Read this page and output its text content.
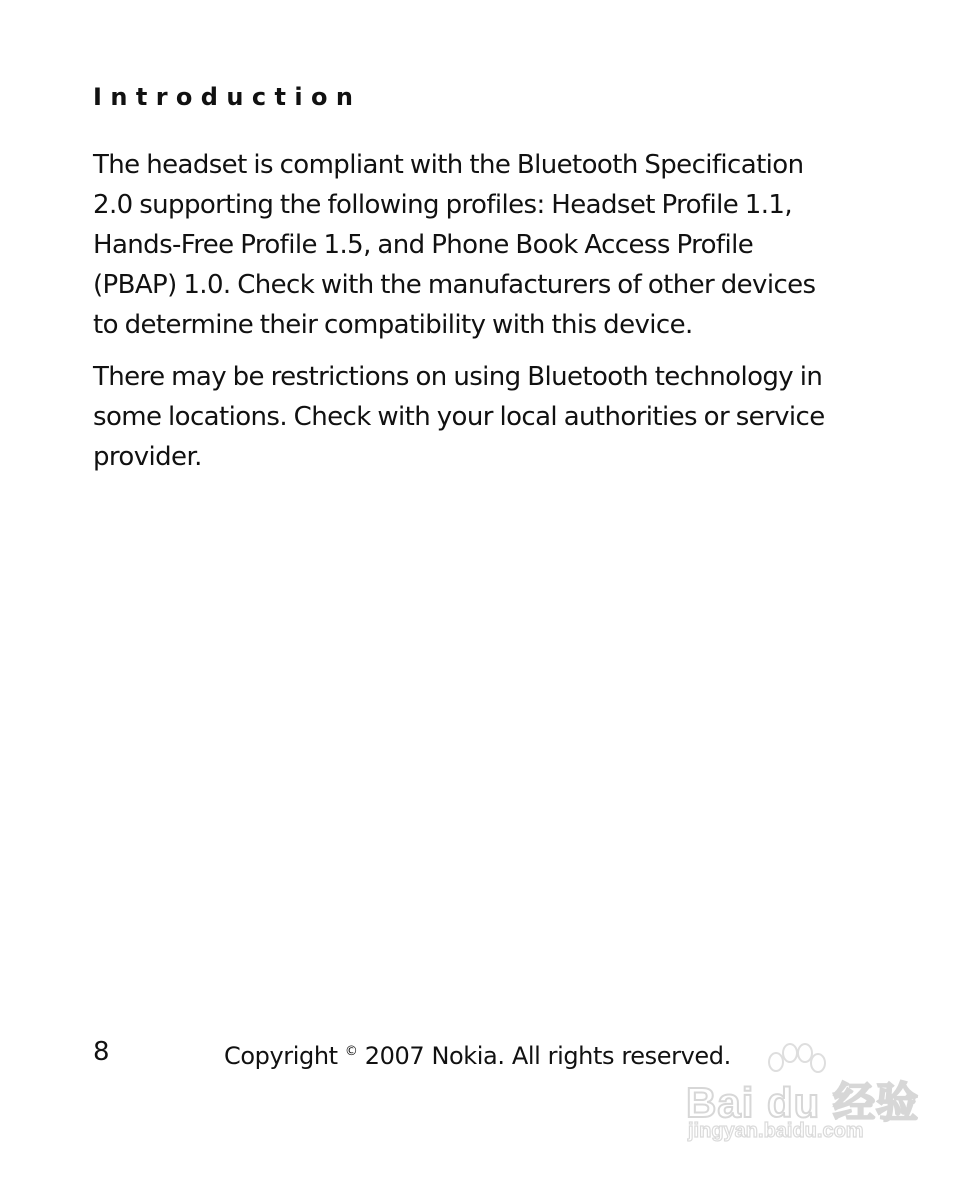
Introduction

The headset is compliant with the Bluetooth Specification
2.0 supporting the following profiles: Headset Profile 1.1,
Hands-Free Profile 1.5, and Phone Book Access Profile
(PBAP) 1.0. Check with the manufacturers of other devices
to determine their compatibility with this device.

There may be restrictions on using Bluetooth technology in
some locations. Check with your local authorities or service
provider.

8	Copyright © 2007 Nokia. All rights reserved.
Bai du 经验
jingyan.baidu.com
